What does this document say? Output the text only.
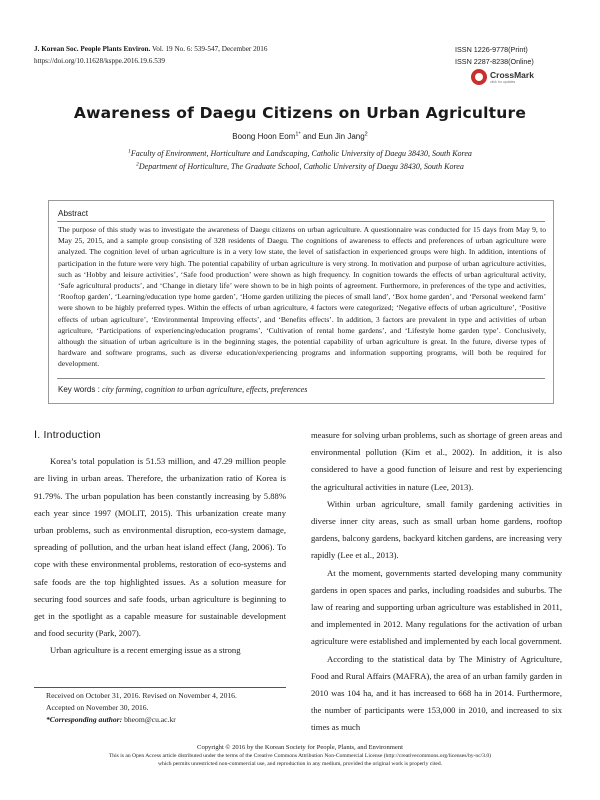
J. Korean Soc. People Plants Environ. Vol. 19 No. 6: 539-547, December 2016
https://doi.org/10.11628/ksppe.2016.19.6.539
ISSN 1226-9778(Print)
ISSN 2287-8238(Online)
CrossMark
click for updates
Awareness of Daegu Citizens on Urban Agriculture
Boong Hoon Eom$^{1*}$ and Eun Jin Jang$^2$
$^1$Faculty of Environment, Horticulture and Landscaping, Catholic University of Daegu 38430, South Korea
$^2$Department of Horticulture, The Graduate School, Catholic University of Daegu 38430, South Korea
Abstract

The purpose of this study was to investigate the awareness of Daegu citizens on urban agriculture. A questionnaire was conducted for 15 days from May 9, to May 25, 2015, and a sample group consisting of 328 residents of Daegu. The cognitions of awareness to effects and preferences of urban agriculture were analyzed. The cognition level of urban agriculture is in a very low state, the level of satisfaction in experienced groups were high. In addition, intentions of participation in the future were very high. The potential capability of urban agriculture is very strong. In motivation and purpose of urban agriculture activities, such as ‘Hobby and leisure activities’, ‘Safe food production’ were shown as high frequency. In cognition towards the effects of urban agricultural activity, ‘Safe agricultural products’, and ‘Change in dietary life’ were shown to be in high points of agreement. Furthermore, in preferences of the type and activities, ‘Rooftop garden’, ‘Learning/education type home garden’, ‘Home garden utilizing the pieces of small land’, ‘Box home garden’, and ‘Personal weekend farm’ were shown to be highly preferred types. Within the effects of urban agriculture, 4 factors were categorized; ‘Negative effects of urban agriculture’, ‘Positive effects of urban agriculture’, ‘Environmental Improving effects’, and ‘Benefits effects’. In addition, 3 factors are prevalent in type and activities of urban agriculture, ‘Participations of experiencing/education programs’, ‘Cultivation of rental home gardens’, and ‘Lifestyle home garden type’. Conclusively, although the situation of urban agriculture is in the beginning stages, the potential capability of urban agriculture is great. In the future, diverse types of hardware and software programs, such as diverse education/experiencing programs and information supporting programs, will both be required for development.

Key words : city farming, cognition to urban agriculture, effects, preferences
Ⅰ. Introduction

Korea’s total population is 51.53 million, and 47.29 million people are living in urban areas. Therefore, the urbanization ratio of Korea is 91.79%. The urban population has been constantly increasing by 5.88% each year since 1997 (MOLIT, 2015). This urbanization create many urban problems, such as environmental disruption, eco-system damage, spreading of pollution, and the urban heat island effect (Jang, 2006). To cope with these environmental problems, restoration of eco-systems and safe foods are the top highlighted issues. As a solution measure for securing food sources and safe foods, urban agriculture is beginning to get in the spotlight as a capable measure for sustainable development and food security (Park, 2007).

Urban agriculture is a recent emerging issue as a strong

measure for solving urban problems, such as shortage of green areas and environmental pollution (Kim et al., 2002). In addition, it is also considered to have a good function of leisure and rest by experiencing the agricultural activities in nature (Lee, 2013).

Within urban agriculture, small family gardening activities in diverse inner city areas, such as small urban home gardens, rooftop gardens, balcony gardens, backyard kitchen gardens, are increasing very rapidly (Lee et al., 2013).

At the moment, governments started developing many community gardens in open spaces and parks, including roadsides and suburbs. The law of rearing and supporting urban agriculture was established in 2011, and implemented in 2012. Many regulations for the activation of urban agriculture were established and implemented by each local government.

According to the statistical data by The Ministry of Agriculture, Food and Rural Affairs (MAFRA), the area of an urban family garden in 2010 was 104 ha, and it has increased to 668 ha in 2014. Furthermore, the number of participants were 153,000 in 2010, and increased to six times as much

Received on October 31, 2016. Revised on November 4, 2016.
Accepted on November 30, 2016.
*Corresponding author: bheom@cu.ac.kr
Copyright © 2016 by the Korean Society for People, Plants, and Environment
This is an Open Access article distributed under the terms of the Creative Commons Attribution Non-Commercial License (http://creativecommons.org/licenses/by-nc/3.0)
which permits unrestricted non-commercial use, and reproduction in any medium, provided the original work is properly cited.
